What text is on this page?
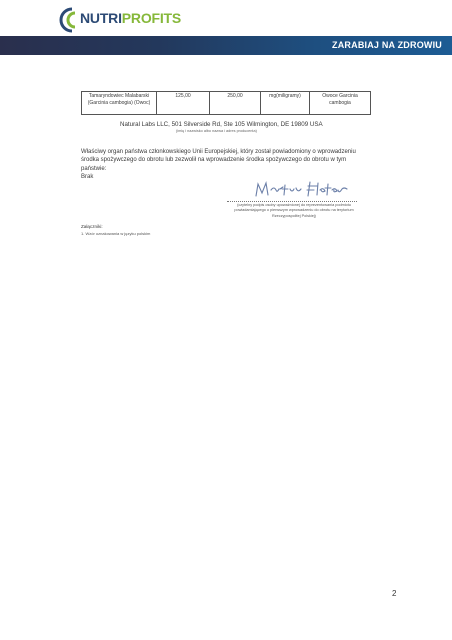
NUTRIPROFITS
ZARABIAJ NA ZDROWIU
Tamaryndowiec Malabarski (Garcinia cambogia) (Owoc)	125,00	250,00	mg(miligramy)	Owoce Garcinia cambogia
Natural Labs LLC, 501 Silverside Rd, Ste 105 Wilmington, DE 19809 USA
(imię i nazwisko albo nazwa i adres producenta)
Właściwy organ państwa członkowskiego Unii Europejskiej, który został powiadomiony o wprowadzeniu środka spożywczego do obrotu lub zezwolił na wprowadzenie środka spożywczego do obrotu w tym państwie:
Brak
(czytelny podpis osoby upoważnionej do reprezentowania podmiotu powiadamiającego o pierwszym wprowadzeniu do obrotu na terytorium Rzeczypospolitej Polskiej)
Załączniki:
1. Wzór oznakowania w języku polskim
2
